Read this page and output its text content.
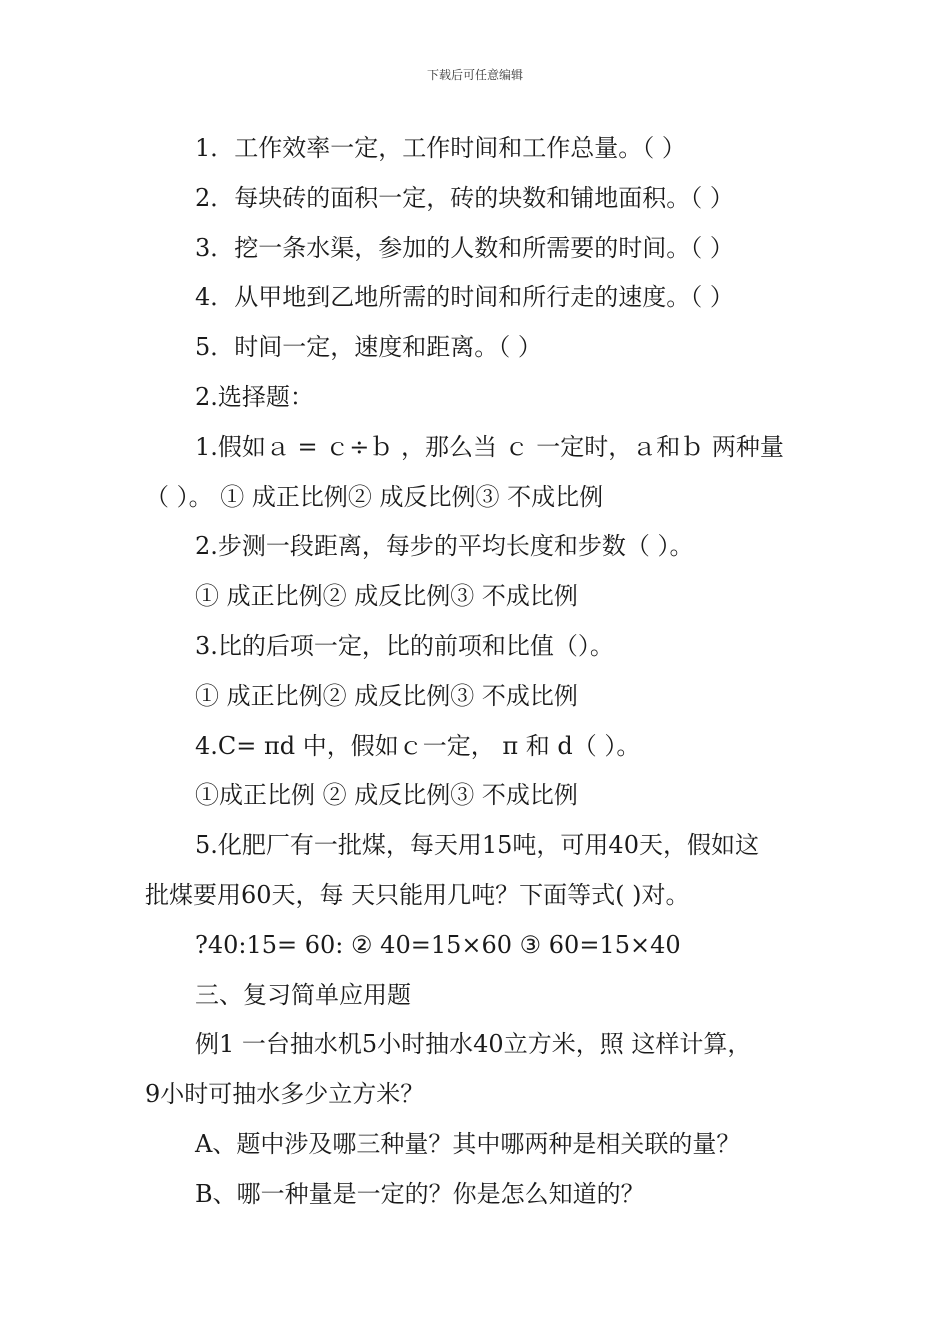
下载后可任意编辑
1．工作效率一定，工作时间和工作总量。（ ）
2．每块砖的面积一定，砖的块数和铺地面积。（ ）
3．挖一条水渠，参加的人数和所需要的时间。（ ）
4．从甲地到乙地所需的时间和所行走的速度。（ ）
5．时间一定，速度和距离。（ ）
2.选择题：
1.假如ａ = ｃ÷ｂ ，那么当 ｃ 一定时，ａ和ｂ 两种量
（ ）。 ① 成正比例② 成反比例③ 不成比例
2.步测一段距离，每步的平均长度和步数（ ）。
① 成正比例② 成反比例③ 不成比例
3.比的后项一定，比的前项和比值（）。
① 成正比例② 成反比例③ 不成比例
4.C= πd 中，假如ｃ一定， π 和 d（ ）。
①成正比例 ② 成反比例③ 不成比例
5.化肥厂有一批煤，每天用15吨，可用40天，假如这
批煤要用60天，每 天只能用几吨？下面等式( )对。
?40:15= 60: ② 40=15×60 ③ 60=15×40
三、复习简单应用题
例1 一台抽水机5小时抽水40立方米，照 这样计算，
9小时可抽水多少立方米？
A、题中涉及哪三种量？其中哪两种是相关联的量？
B、哪一种量是一定的？你是怎么知道的？
